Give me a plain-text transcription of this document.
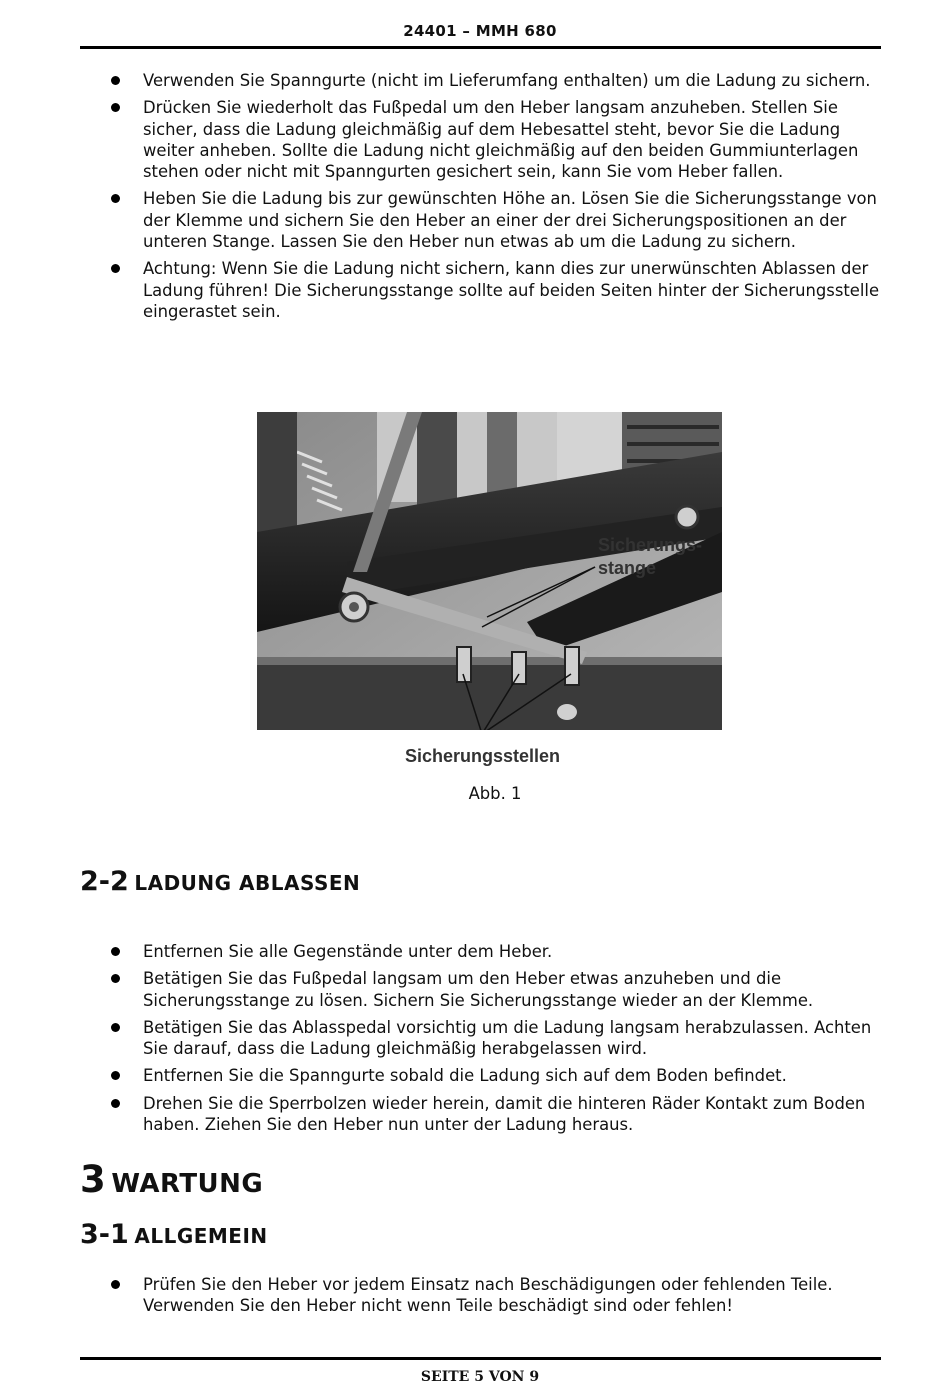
24401 – MMH 680
Verwenden Sie Spanngurte (nicht im Lieferumfang enthalten) um die Ladung zu sichern.
Drücken Sie wiederholt das Fußpedal um den Heber langsam anzuheben. Stellen Sie sicher, dass die Ladung gleichmäßig auf dem Hebesattel steht, bevor Sie die Ladung weiter anheben. Sollte die Ladung nicht gleichmäßig auf den beiden Gummiunterlagen stehen oder nicht mit Spanngurten gesichert sein, kann Sie vom Heber fallen.
Heben Sie die Ladung bis zur gewünschten Höhe an. Lösen Sie die Sicherungsstange von der Klemme und sichern Sie den Heber an einer der drei Sicherungspositionen an der unteren Stange. Lassen Sie den Heber nun etwas ab um die Ladung zu sichern.
Achtung: Wenn Sie die Ladung nicht sichern, kann dies zur unerwünschten Ablassen der Ladung führen! Die Sicherungsstange sollte auf beiden Seiten hinter der Sicherungsstelle eingerastet sein.
Sicherungs-
stange
Sicherungsstellen
Abb. 1
2-2 LADUNG ABLASSEN
Entfernen Sie alle Gegenstände unter dem Heber.
Betätigen Sie das Fußpedal langsam um den Heber etwas anzuheben und die Sicherungsstange zu lösen. Sichern Sie Sicherungsstange wieder an der Klemme.
Betätigen Sie das Ablasspedal vorsichtig um die Ladung langsam herabzulassen. Achten Sie darauf, dass die Ladung gleichmäßig herabgelassen wird.
Entfernen Sie die Spanngurte sobald die Ladung sich auf dem Boden befindet.
Drehen Sie die Sperrbolzen wieder herein, damit die hinteren Räder Kontakt zum Boden haben. Ziehen Sie den Heber nun unter der Ladung heraus.
3 WARTUNG
3-1 ALLGEMEIN
Prüfen Sie den Heber vor jedem Einsatz nach Beschädigungen oder fehlenden Teile. Verwenden Sie den Heber nicht wenn Teile beschädigt sind oder fehlen!
SEITE 5 VON 9
